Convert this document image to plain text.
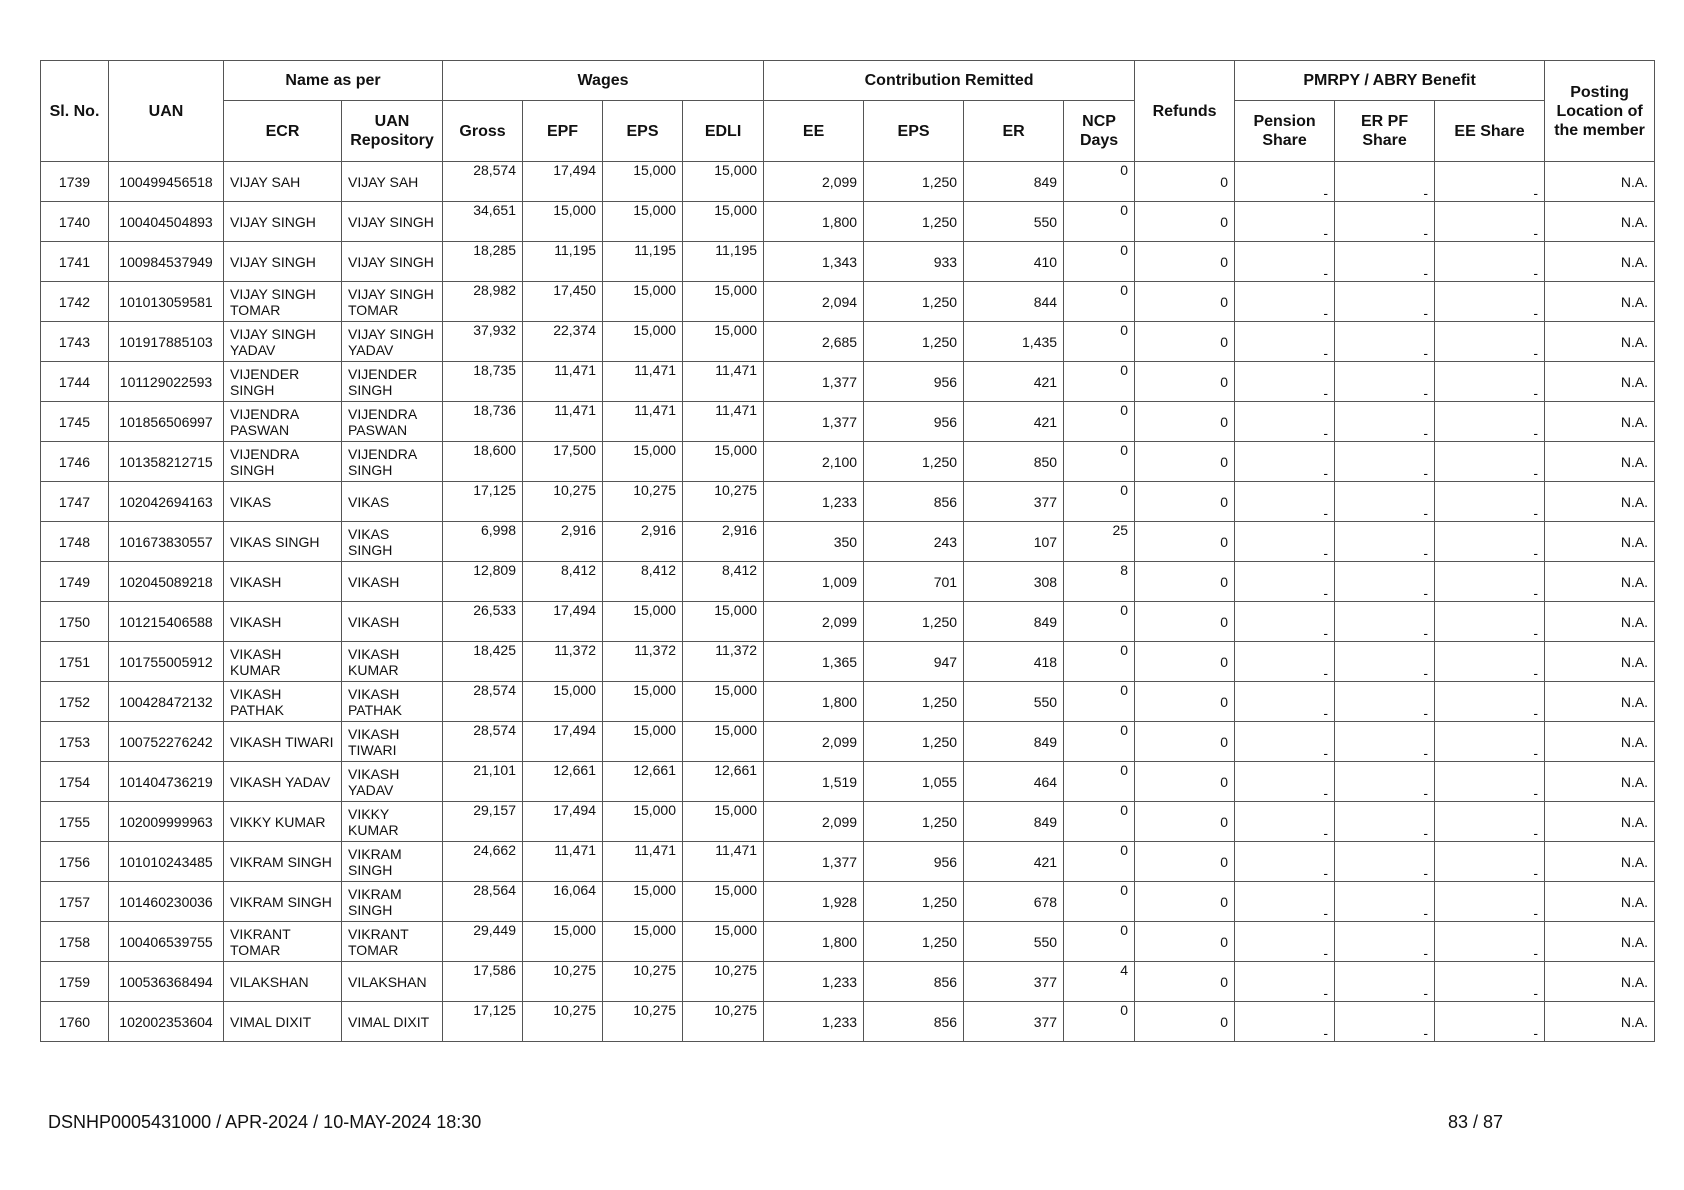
Sl. No.	UAN	Name as per		Wages				Contribution Remitted				Refunds	PMRPY / ABRY Benefit			Posting Location of the member
		ECR	UAN Repository	Gross	EPF	EPS	EDLI	EE	EPS	ER	NCP Days		Pension Share	ER PF Share	EE Share	
1739	100499456518	VIJAY SAH	VIJAY SAH	28,574	17,494	15,000	15,000	2,099	1,250	849	0	0	-	-	-	N.A.
1740	100404504893	VIJAY SINGH	VIJAY SINGH	34,651	15,000	15,000	15,000	1,800	1,250	550	0	0	-	-	-	N.A.
1741	100984537949	VIJAY SINGH	VIJAY SINGH	18,285	11,195	11,195	11,195	1,343	933	410	0	0	-	-	-	N.A.
1742	101013059581	VIJAY SINGH TOMAR	VIJAY SINGH TOMAR	28,982	17,450	15,000	15,000	2,094	1,250	844	0	0	-	-	-	N.A.
1743	101917885103	VIJAY SINGH YADAV	VIJAY SINGH YADAV	37,932	22,374	15,000	15,000	2,685	1,250	1,435	0	0	-	-	-	N.A.
1744	101129022593	VIJENDER SINGH	VIJENDER SINGH	18,735	11,471	11,471	11,471	1,377	956	421	0	0	-	-	-	N.A.
1745	101856506997	VIJENDRA PASWAN	VIJENDRA PASWAN	18,736	11,471	11,471	11,471	1,377	956	421	0	0	-	-	-	N.A.
1746	101358212715	VIJENDRA SINGH	VIJENDRA SINGH	18,600	17,500	15,000	15,000	2,100	1,250	850	0	0	-	-	-	N.A.
1747	102042694163	VIKAS	VIKAS	17,125	10,275	10,275	10,275	1,233	856	377	0	0	-	-	-	N.A.
1748	101673830557	VIKAS SINGH	VIKAS SINGH	6,998	2,916	2,916	2,916	350	243	107	25	0	-	-	-	N.A.
1749	102045089218	VIKASH	VIKASH	12,809	8,412	8,412	8,412	1,009	701	308	8	0	-	-	-	N.A.
1750	101215406588	VIKASH	VIKASH	26,533	17,494	15,000	15,000	2,099	1,250	849	0	0	-	-	-	N.A.
1751	101755005912	VIKASH KUMAR	VIKASH KUMAR	18,425	11,372	11,372	11,372	1,365	947	418	0	0	-	-	-	N.A.
1752	100428472132	VIKASH PATHAK	VIKASH PATHAK	28,574	15,000	15,000	15,000	1,800	1,250	550	0	0	-	-	-	N.A.
1753	100752276242	VIKASH TIWARI	VIKASH TIWARI	28,574	17,494	15,000	15,000	2,099	1,250	849	0	0	-	-	-	N.A.
1754	101404736219	VIKASH YADAV	VIKASH YADAV	21,101	12,661	12,661	12,661	1,519	1,055	464	0	0	-	-	-	N.A.
1755	102009999963	VIKKY KUMAR	VIKKY KUMAR	29,157	17,494	15,000	15,000	2,099	1,250	849	0	0	-	-	-	N.A.
1756	101010243485	VIKRAM SINGH	VIKRAM SINGH	24,662	11,471	11,471	11,471	1,377	956	421	0	0	-	-	-	N.A.
1757	101460230036	VIKRAM SINGH	VIKRAM SINGH	28,564	16,064	15,000	15,000	1,928	1,250	678	0	0	-	-	-	N.A.
1758	100406539755	VIKRANT TOMAR	VIKRANT TOMAR	29,449	15,000	15,000	15,000	1,800	1,250	550	0	0	-	-	-	N.A.
1759	100536368494	VILAKSHAN	VILAKSHAN	17,586	10,275	10,275	10,275	1,233	856	377	4	0	-	-	-	N.A.
1760	102002353604	VIMAL DIXIT	VIMAL DIXIT	17,125	10,275	10,275	10,275	1,233	856	377	0	0	-	-	-	N.A.
DSNHP0005431000 / APR-2024 / 10-MAY-2024 18:30	83 / 87
